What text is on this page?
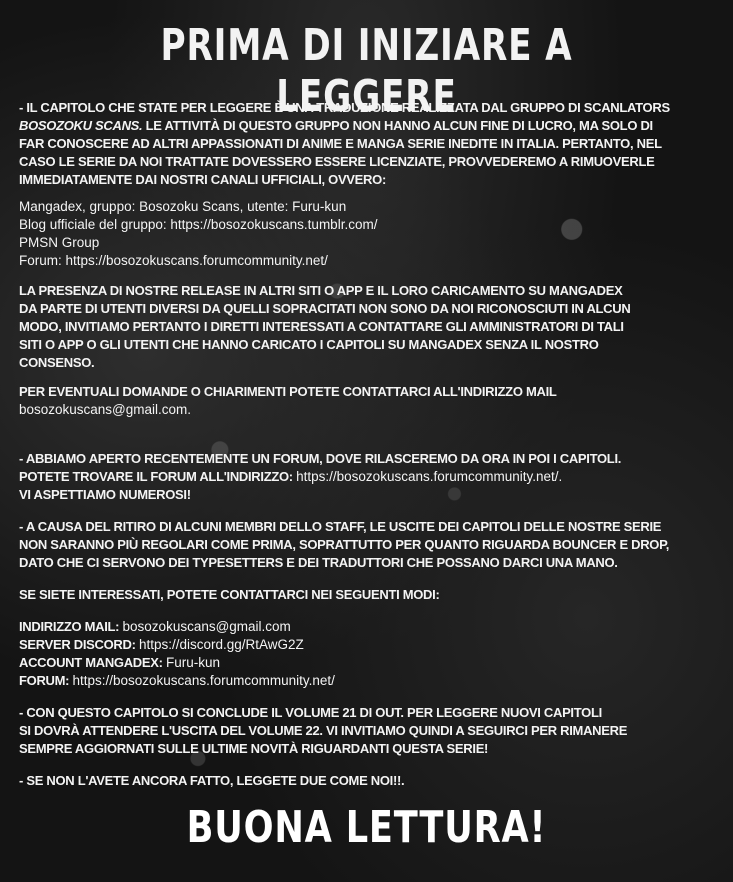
PRIMA DI INIZIARE A LEGGERE
- IL CAPITOLO CHE STATE PER LEGGERE È UNA TRADUZIONE REALIZZATA DAL GRUPPO DI SCANLATORS
BOSOZOKU SCANS. LE ATTIVITÀ DI QUESTO GRUPPO NON HANNO ALCUN FINE DI LUCRO, MA SOLO DI
FAR CONOSCERE AD ALTRI APPASSIONATI DI ANIME E MANGA SERIE INEDITE IN ITALIA. PERTANTO, NEL
CASO LE SERIE DA NOI TRATTATE DOVESSERO ESSERE LICENZIATE, PROVVEDEREMO A RIMUOVERLE
IMMEDIATAMENTE DAI NOSTRI CANALI UFFICIALI, OVVERO:
Mangadex, gruppo: Bosozoku Scans, utente: Furu-kun
Blog ufficiale del gruppo: https://bosozokuscans.tumblr.com/
PMSN Group
Forum: https://bosozokuscans.forumcommunity.net/
LA PRESENZA DI NOSTRE RELEASE IN ALTRI SITI O APP E IL LORO CARICAMENTO SU MANGADEX
DA PARTE DI UTENTI DIVERSI DA QUELLI SOPRACITATI NON SONO DA NOI RICONOSCIUTI IN ALCUN
MODO, INVITIAMO PERTANTO I DIRETTI INTERESSATI A CONTATTARE GLI AMMINISTRATORI DI TALI
SITI O APP O GLI UTENTI CHE HANNO CARICATO I CAPITOLI SU MANGADEX SENZA IL NOSTRO
CONSENSO.
PER EVENTUALI DOMANDE O CHIARIMENTI POTETE CONTATTARCI ALL'INDIRIZZO MAIL
bosozokuscans@gmail.com.
- ABBIAMO APERTO RECENTEMENTE UN FORUM, DOVE RILASCEREMO DA ORA IN POI I CAPITOLI.
POTETE TROVARE IL FORUM ALL'INDIRIZZO: https://bosozokuscans.forumcommunity.net/.
VI ASPETTIAMO NUMEROSI!
- A CAUSA DEL RITIRO DI ALCUNI MEMBRI DELLO STAFF, LE USCITE DEI CAPITOLI DELLE NOSTRE SERIE
NON SARANNO PIÙ REGOLARI COME PRIMA, SOPRATTUTTO PER QUANTO RIGUARDA BOUNCER E DROP,
DATO CHE CI SERVONO DEI TYPESETTERS E DEI TRADUTTORI CHE POSSANO DARCI UNA MANO.
SE SIETE INTERESSATI, POTETE CONTATTARCI NEI SEGUENTI MODI:
INDIRIZZO MAIL: bosozokuscans@gmail.com
SERVER DISCORD: https://discord.gg/RtAwG2Z
ACCOUNT MANGADEX: Furu-kun
FORUM: https://bosozokuscans.forumcommunity.net/
- CON QUESTO CAPITOLO SI CONCLUDE IL VOLUME 21 DI OUT. PER LEGGERE NUOVI CAPITOLI
SI DOVRÀ ATTENDERE L'USCITA DEL VOLUME 22. VI INVITIAMO QUINDI A SEGUIRCI PER RIMANERE
SEMPRE AGGIORNATI SULLE ULTIME NOVITÀ RIGUARDANTI QUESTA SERIE!
- SE NON L'AVETE ANCORA FATTO, LEGGETE DUE COME NOI!!.
BUONA LETTURA!
